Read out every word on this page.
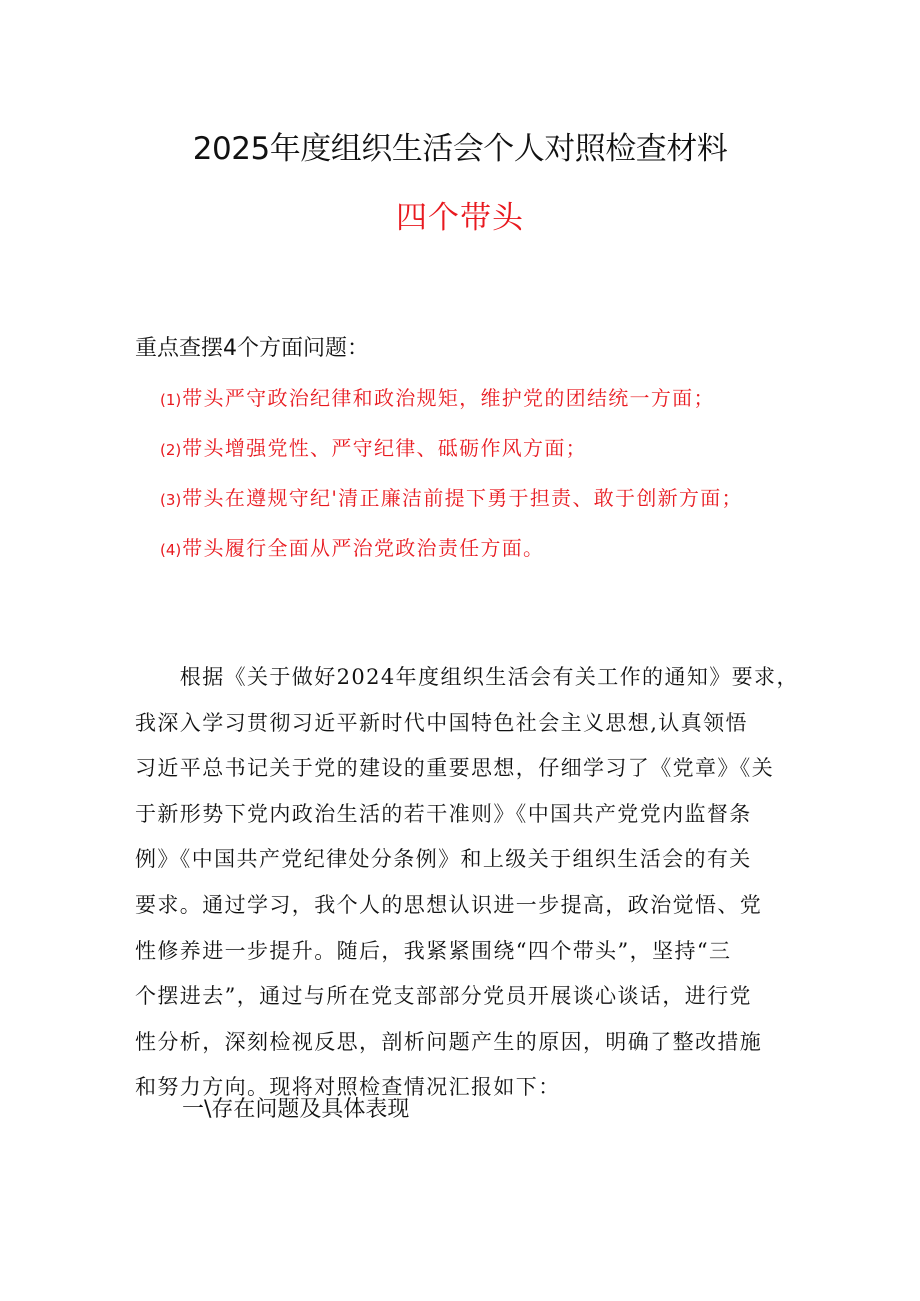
2025年度组织生活会个人对照检查材料
四个带头
重点查摆4个方面问题：
(1)带头严守政治纪律和政治规矩，维护党的团结统一方面；
(2)带头增强党性、严守纪律、砥砺作风方面；
(3)带头在遵规守纪'清正廉洁前提下勇于担责、敢于创新方面；
(4)带头履行全面从严治党政治责任方面。
　　根据《关于做好2024年度组织生活会有关工作的通知》要求，
我深入学习贯彻习近平新时代中国特色社会主义思想,认真领悟
习近平总书记关于党的建设的重要思想，仔细学习了《党章》《关
于新形势下党内政治生活的若干准则》《中国共产党党内监督条
例》《中国共产党纪律处分条例》和上级关于组织生活会的有关
要求。通过学习，我个人的思想认识进一步提高，政治觉悟、党
性修养进一步提升。随后，我紧紧围绕“四个带头”，坚持“三
个摆进去”，通过与所在党支部部分党员开展谈心谈话，进行党
性分析，深刻检视反思，剖析问题产生的原因，明确了整改措施
和努力方向。现将对照检查情况汇报如下：
一\存在问题及具体表现
